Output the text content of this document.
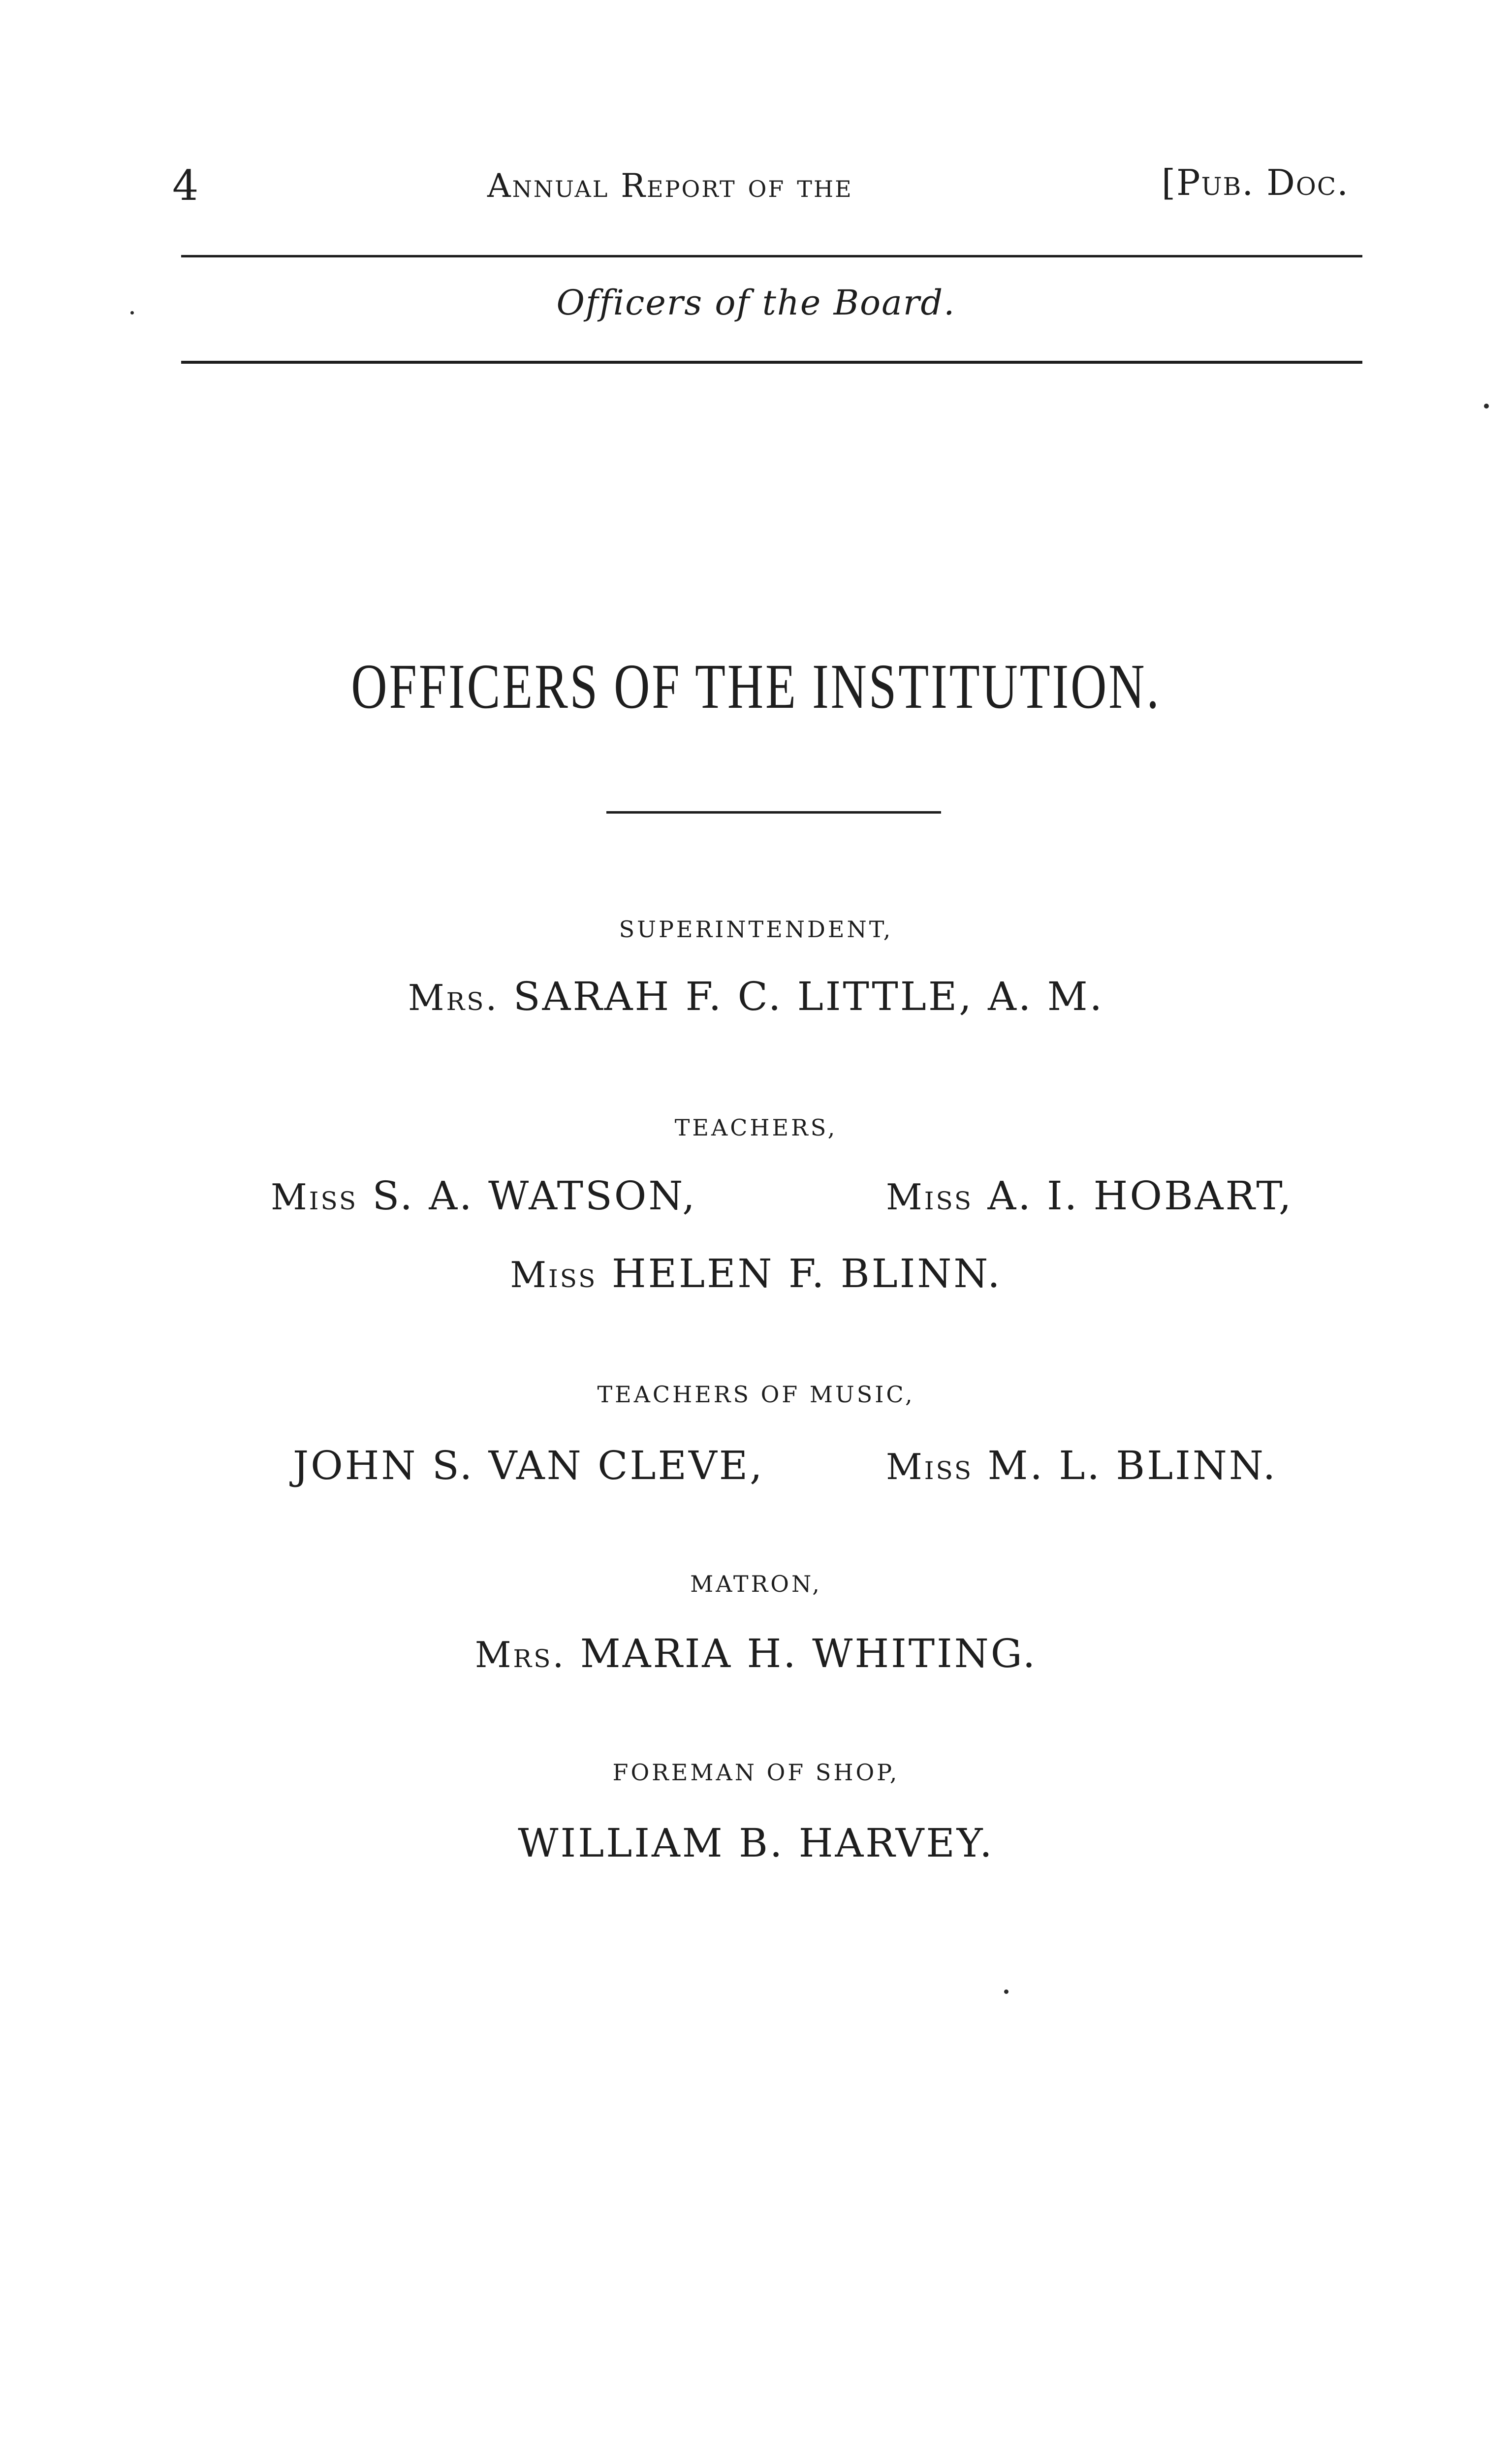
4	Annual Report of the	[Pub. Doc.
Officers of the Board.
OFFICERS OF THE INSTITUTION.
SUPERINTENDENT,
Mrs. SARAH F. C. LITTLE, A. M.
TEACHERS,
Miss S. A. WATSON,	Miss A. I. HOBART,
Miss HELEN F. BLINN.
TEACHERS OF MUSIC,
JOHN S. VAN CLEVE,	Miss M. L. BLINN.
MATRON,
Mrs. MARIA H. WHITING.
FOREMAN OF SHOP,
WILLIAM B. HARVEY.
